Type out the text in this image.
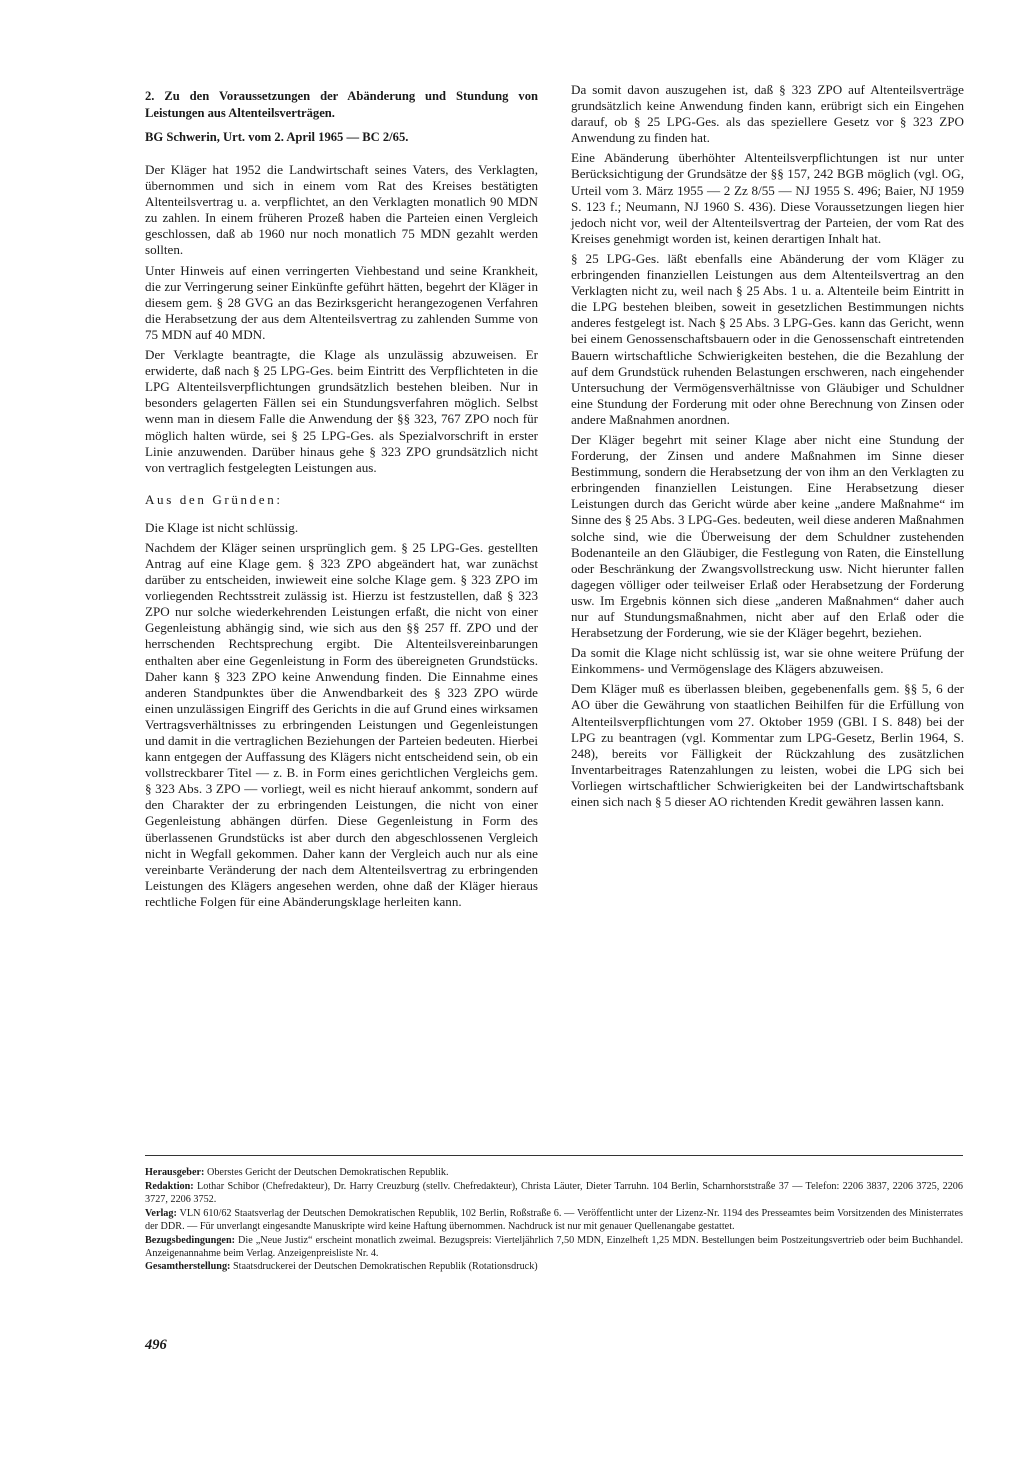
2. Zu den Voraussetzungen der Abänderung und Stundung von Leistungen aus Altenteilsverträgen.
BG Schwerin, Urt. vom 2. April 1965 — BC 2/65.

Der Kläger hat 1952 die Landwirtschaft seines Vaters, des Verklagten, übernommen und sich in einem vom Rat des Kreises bestätigten Altenteilsvertrag u. a. verpflichtet, an den Verklagten monatlich 90 MDN zu zahlen. In einem früheren Prozeß haben die Parteien einen Vergleich geschlossen, daß ab 1960 nur noch monatlich 75 MDN gezahlt werden sollten.

Unter Hinweis auf einen verringerten Viehbestand und seine Krankheit, die zur Verringerung seiner Einkünfte geführt hätten, begehrt der Kläger in diesem gem. § 28 GVG an das Bezirksgericht herangezogenen Verfahren die Herabsetzung der aus dem Altenteilsvertrag zu zahlenden Summe von 75 MDN auf 40 MDN.

Der Verklagte beantragte, die Klage als unzulässig abzuweisen. Er erwiderte, daß nach § 25 LPG-Ges. beim Eintritt des Verpflichteten in die LPG Altenteilsverpflichtungen grundsätzlich bestehen bleiben. Nur in besonders gelagerten Fällen sei ein Stundungsverfahren möglich. Selbst wenn man in diesem Falle die Anwendung der §§ 323, 767 ZPO noch für möglich halten würde, sei § 25 LPG-Ges. als Spezialvorschrift in erster Linie anzuwenden. Darüber hinaus gehe § 323 ZPO grundsätzlich nicht von vertraglich festgelegten Leistungen aus.

Aus den Gründen:

Die Klage ist nicht schlüssig.

Nachdem der Kläger seinen ursprünglich gem. § 25 LPG-Ges. gestellten Antrag auf eine Klage gem. § 323 ZPO abgeändert hat, war zunächst darüber zu entscheiden, inwieweit eine solche Klage gem. § 323 ZPO im vorliegenden Rechtsstreit zulässig ist. Hierzu ist festzustellen, daß § 323 ZPO nur solche wiederkehrenden Leistungen erfaßt, die nicht von einer Gegenleistung abhängig sind, wie sich aus den §§ 257 ff. ZPO und der herrschenden Rechtsprechung ergibt. Die Altenteilsvereinbarungen enthalten aber eine Gegenleistung in Form des übereigneten Grundstücks. Daher kann § 323 ZPO keine Anwendung finden. Die Einnahme eines anderen Standpunktes über die Anwendbarkeit des § 323 ZPO würde einen unzulässigen Eingriff des Gerichts in die auf Grund eines wirksamen Vertragsverhältnisses zu erbringenden Leistungen und Gegenleistungen und damit in die vertraglichen Beziehungen der Parteien bedeuten. Hierbei kann entgegen der Auffassung des Klägers nicht entscheidend sein, ob ein vollstreckbarer Titel — z. B. in Form eines gerichtlichen Vergleichs gem. § 323 Abs. 3 ZPO — vorliegt, weil es nicht hierauf ankommt, sondern auf den Charakter der zu erbringenden Leistungen, die nicht von einer Gegenleistung abhängen dürfen. Diese Gegenleistung in Form des überlassenen Grundstücks ist aber durch den abgeschlossenen Vergleich nicht in Wegfall gekommen. Daher kann der Vergleich auch nur als eine vereinbarte Veränderung der nach dem Altenteilsvertrag zu erbringenden Leistungen des Klägers angesehen werden, ohne daß der Kläger hieraus rechtliche Folgen für eine Abänderungsklage herleiten kann.

Da somit davon auszugehen ist, daß § 323 ZPO auf Altenteilsverträge grundsätzlich keine Anwendung finden kann, erübrigt sich ein Eingehen darauf, ob § 25 LPG-Ges. als das speziellere Gesetz vor § 323 ZPO Anwendung zu finden hat.

Eine Abänderung überhöhter Altenteilsverpflichtungen ist nur unter Berücksichtigung der Grundsätze der §§ 157, 242 BGB möglich (vgl. OG, Urteil vom 3. März 1955 — 2 Zz 8/55 — NJ 1955 S. 496; Baier, NJ 1959 S. 123 f.; Neumann, NJ 1960 S. 436). Diese Voraussetzungen liegen hier jedoch nicht vor, weil der Altenteilsvertrag der Parteien, der vom Rat des Kreises genehmigt worden ist, keinen derartigen Inhalt hat.

§ 25 LPG-Ges. läßt ebenfalls eine Abänderung der vom Kläger zu erbringenden finanziellen Leistungen aus dem Altenteilsvertrag an den Verklagten nicht zu, weil nach § 25 Abs. 1 u. a. Altenteile beim Eintritt in die LPG bestehen bleiben, soweit in gesetzlichen Bestimmungen nichts anderes festgelegt ist. Nach § 25 Abs. 3 LPG-Ges. kann das Gericht, wenn bei einem Genossenschaftsbauern oder in die Genossenschaft eintretenden Bauern wirtschaftliche Schwierigkeiten bestehen, die die Bezahlung der auf dem Grundstück ruhenden Belastungen erschweren, nach eingehender Untersuchung der Vermögensverhältnisse von Gläubiger und Schuldner eine Stundung der Forderung mit oder ohne Berechnung von Zinsen oder andere Maßnahmen anordnen.

Der Kläger begehrt mit seiner Klage aber nicht eine Stundung der Forderung, der Zinsen und andere Maßnahmen im Sinne dieser Bestimmung, sondern die Herabsetzung der von ihm an den Verklagten zu erbringenden finanziellen Leistungen. Eine Herabsetzung dieser Leistungen durch das Gericht würde aber keine „andere Maßnahme“ im Sinne des § 25 Abs. 3 LPG-Ges. bedeuten, weil diese anderen Maßnahmen solche sind, wie die Überweisung der dem Schuldner zustehenden Bodenanteile an den Gläubiger, die Festlegung von Raten, die Einstellung oder Beschränkung der Zwangsvollstreckung usw. Nicht hierunter fallen dagegen völliger oder teilweiser Erlaß oder Herabsetzung der Forderung usw. Im Ergebnis können sich diese „anderen Maßnahmen“ daher auch nur auf Stundungsmaßnahmen, nicht aber auf den Erlaß oder die Herabsetzung der Forderung, wie sie der Kläger begehrt, beziehen.

Da somit die Klage nicht schlüssig ist, war sie ohne weitere Prüfung der Einkommens- und Vermögenslage des Klägers abzuweisen.

Dem Kläger muß es überlassen bleiben, gegebenenfalls gem. §§ 5, 6 der AO über die Gewährung von staatlichen Beihilfen für die Erfüllung von Altenteilsverpflichtungen vom 27. Oktober 1959 (GBl. I S. 848) bei der LPG zu beantragen (vgl. Kommentar zum LPG-Gesetz, Berlin 1964, S. 248), bereits vor Fälligkeit der Rückzahlung des zusätzlichen Inventarbeitrages Ratenzahlungen zu leisten, wobei die LPG sich bei Vorliegen wirtschaftlicher Schwierigkeiten bei der Landwirtschaftsbank einen sich nach § 5 dieser AO richtenden Kredit gewähren lassen kann.

Herausgeber: Oberstes Gericht der Deutschen Demokratischen Republik.

Redaktion: Lothar Schibor (Chefredakteur), Dr. Harry Creuzburg (stellv. Chefredakteur), Christa Läuter, Dieter Tarruhn. 104 Berlin, Scharnhorststraße 37 — Telefon: 2206 3837, 2206 3725, 2206 3727, 2206 3752.

Verlag: VLN 610/62 Staatsverlag der Deutschen Demokratischen Republik, 102 Berlin, Roßstraße 6. — Veröffentlicht unter der Lizenz-Nr. 1194 des Presseamtes beim Vorsitzenden des Ministerrates der DDR. — Für unverlangt eingesandte Manuskripte wird keine Haftung übernommen. Nachdruck ist nur mit genauer Quellenangabe gestattet.

Bezugsbedingungen: Die „Neue Justiz“ erscheint monatlich zweimal. Bezugspreis: Vierteljährlich 7,50 MDN, Einzelheft 1,25 MDN. Bestellungen beim Postzeitungsvertrieb oder beim Buchhandel. Anzeigenannahme beim Verlag. Anzeigenpreisliste Nr. 4.

Gesamtherstellung: Staatsdruckerei der Deutschen Demokratischen Republik (Rotationsdruck)

496
